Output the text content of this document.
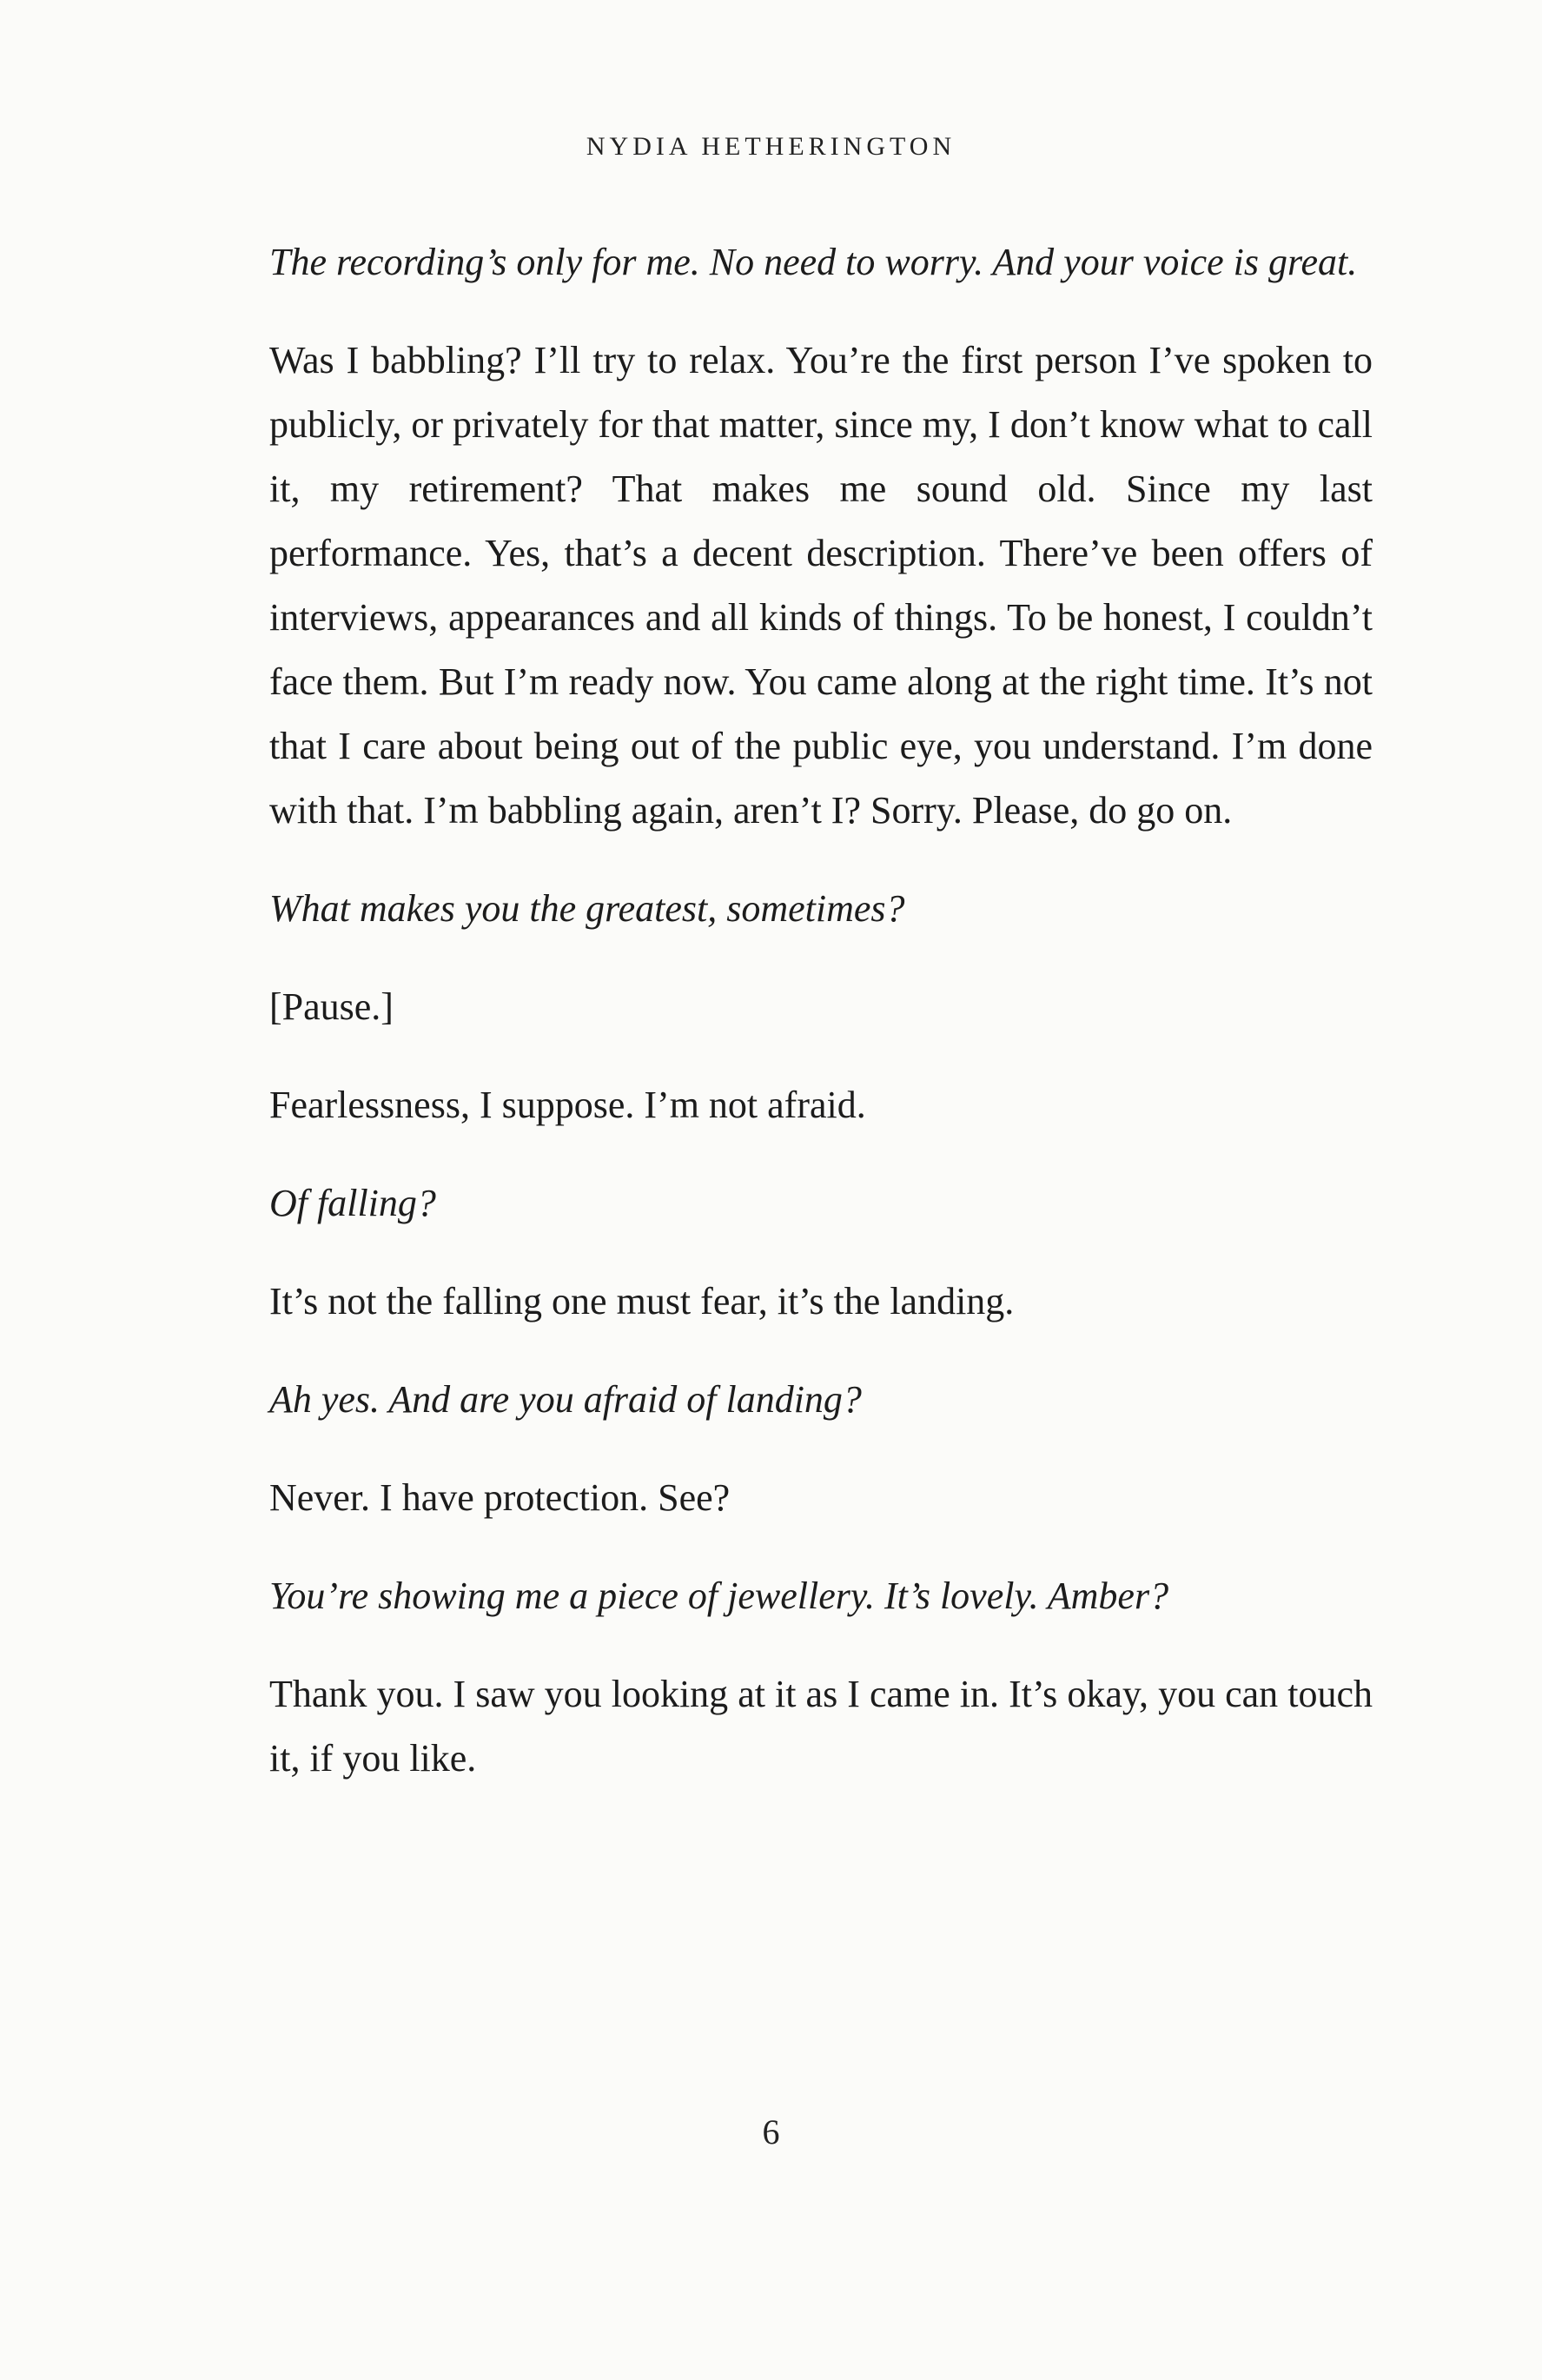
NYDIA HETHERINGTON

The recording’s only for me. No need to worry. And your voice is great.

Was I babbling? I’ll try to relax. You’re the first person I’ve spoken to publicly, or privately for that matter, since my, I don’t know what to call it, my retirement? That makes me sound old. Since my last performance. Yes, that’s a decent description. There’ve been offers of interviews, appearances and all kinds of things. To be honest, I couldn’t face them. But I’m ready now. You came along at the right time. It’s not that I care about being out of the public eye, you understand. I’m done with that. I’m babbling again, aren’t I? Sorry. Please, do go on.

What makes you the greatest, sometimes?

[Pause.]

Fearlessness, I suppose. I’m not afraid.

Of falling?

It’s not the falling one must fear, it’s the landing.

Ah yes. And are you afraid of landing?

Never. I have protection. See?

You’re showing me a piece of jewellery. It’s lovely. Amber?

Thank you. I saw you looking at it as I came in. It’s okay, you can touch it, if you like.

6
